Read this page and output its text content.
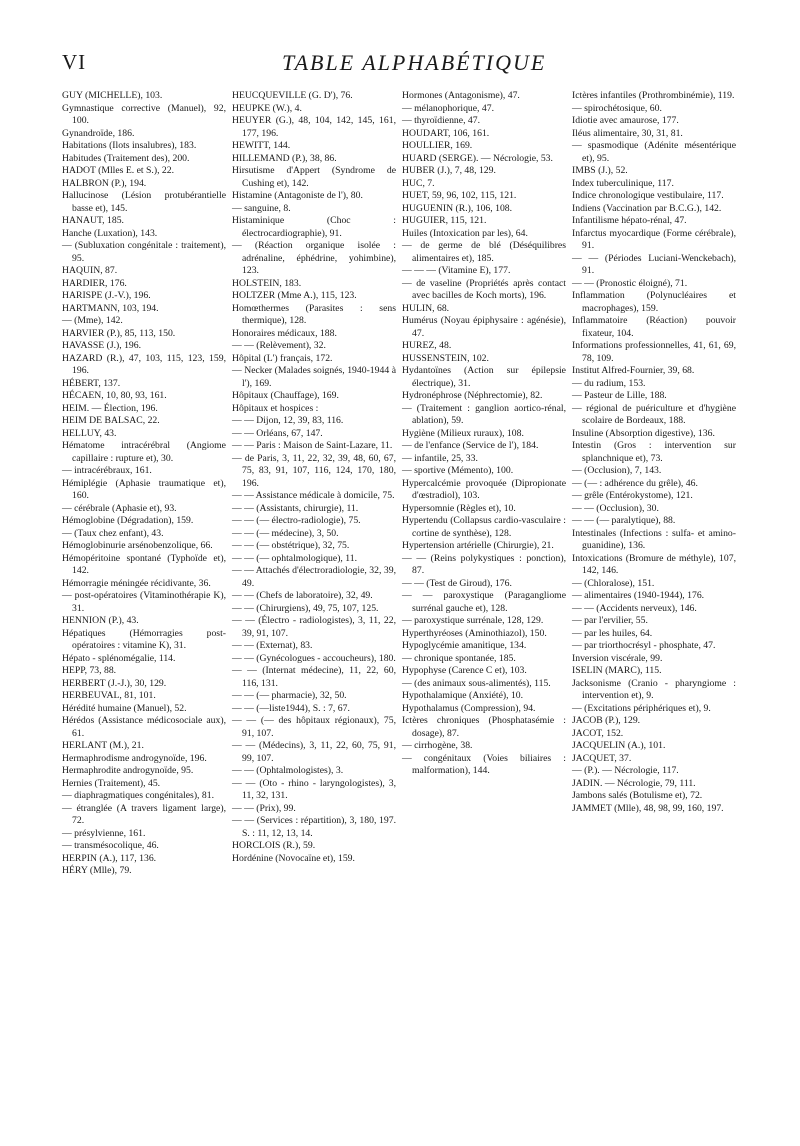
VI	TABLE ALPHABÉTIQUE
GUY (MICHELLE), 103.
Gymnastique corrective (Manuel), 92, 100.
Gynandroïde, 186.
Habitations (Ilots insalubres), 183.
Habitudes (Traitement des), 200.
HADOT (Mlles E. et S.), 22.
HALBRON (P.), 194.
Hallucinose (Lésion protubérantielle basse et), 145.
HANAUT, 185.
Hanche (Luxation), 143.
— (Subluxation congénitale : traitement), 95.
HAQUIN, 87.
HARDIER, 176.
HARISPE (J.-V.), 196.
HARTMANN, 103, 194.
— (Mme), 142.
HARVIER (P.), 85, 113, 150.
HAVASSE (J.), 196.
HAZARD (R.), 47, 103, 115, 123, 159, 196.
HÉBERT, 137.
HÉCAEN, 10, 80, 93, 161.
HEIM. — Élection, 196.
HEIM DE BALSAC, 22.
HELLUY, 43.
Hématome intracérébral (Angiome capillaire : rupture et), 30.
— intracérébraux, 161.
Hémiplégie (Aphasie traumatique et), 160.
— cérébrale (Aphasie et), 93.
Hémoglobine (Dégradation), 159.
— (Taux chez enfant), 43.
Hémoglobinurie arsénobenzolique, 66.
Hémopéritoine spontané (Typhoïde et), 142.
Hémorragie méningée récidivante, 36.
— post-opératoires (Vitaminothérapie K), 31.
HENNION (P.), 43.
Hépatiques (Hémorragies post-opératoires : vitamine K), 31.
Hépato - splénomégalie, 114.
HEPP, 73, 88.
HERBERT (J.-J.), 30, 129.
HERBEUVAL, 81, 101.
Hérédité humaine (Manuel), 52.
Hérédos (Assistance médicosociale aux), 61.
HERLANT (M.), 21.
Hermaphrodisme androgynoïde, 196.
Hermaphrodite androgynoïde, 95.
Hernies (Traitement), 45.
— diaphragmatiques congénitales), 81.
— étranglée (A travers ligament large), 72.
— présylvienne, 161.
— transmésocolique, 46.
HERPIN (A.), 117, 136.
HÉRY (Mlle), 79.
HEUCQUEVILLE (G. D'), 76.
HEUPKE (W.), 4.
HEUYER (G.), 48, 104, 142, 145, 161, 177, 196.
HEWITT, 144.
HILLEMAND (P.), 38, 86.
Hirsutisme d'Appert (Syndrome de Cushing et), 142.
Histamine (Antagoniste de l'), 80.
— sanguine, 8.
Histaminique (Choc : électrocardiographie), 91.
— (Réaction organique isolée : adrénaline, éphédrine, yohimbine), 123.
HOLSTEIN, 183.
HOLTZER (Mme A.), 115, 123.
Homœthermes (Parasites : sens thermique), 128.
Honoraires médicaux, 188.
— — (Relèvement), 32.
Hôpital (L') français, 172.
— Necker (Malades soignés, 1940-1944 à l'), 169.
Hôpitaux (Chauffage), 169.
Hôpitaux et hospices :
— — Dijon, 12, 39, 83, 116.
— — Orléans, 67, 147.
— — Paris : Maison de Saint-Lazare, 11.
— de Paris, 3, 11, 22, 32, 39, 48, 60, 67, 75, 83, 91, 107, 116, 124, 170, 180, 196.
— — Assistance médicale à domicile, 75.
— — (Assistants, chirurgie), 11.
— — (— électro-radiologie), 75.
— — (— médecine), 3, 50.
— — (— obstétrique), 32, 75.
— — (— ophtalmologique), 11.
— — Attachés d'électroradiologie, 32, 39, 49.
— — (Chefs de laboratoire), 32, 49.
— — (Chirurgiens), 49, 75, 107, 125.
— — (Électro - radiologistes), 3, 11, 22, 39, 91, 107.
— — (Externat), 83.
— — (Gynécologues - accoucheurs), 180.
— — (Internat médecine), 11, 22, 60, 116, 131.
— — (— pharmacie), 32, 50.
— — (—liste1944), S. : 7, 67.
— — (— des hôpitaux régionaux), 75, 91, 107.
— — (Médecins), 3, 11, 22, 60, 75, 91, 99, 107.
— — (Ophtalmologistes), 3.
— — (Oto - rhino - laryngologistes), 3, 11, 32, 131.
— — (Prix), 99.
— — (Services : répartition), 3, 180, 197. S. : 11, 12, 13, 14.
HORCLOIS (R.), 59.
Hordénine (Novocaïne et), 159.
Hormones (Antagonisme), 47.
— mélanophorique, 47.
— thyroïdienne, 47.
HOUDART, 106, 161.
HOULLIER, 169.
HUARD (SERGE). — Nécrologie, 53.
HUBER (J.), 7, 48, 129.
HUC, 7.
HUET, 59, 96, 102, 115, 121.
HUGUENIN (R.), 106, 108.
HUGUIER, 115, 121.
Huiles (Intoxication par les), 64.
— de germe de blé (Déséquilibres alimentaires et), 185.
— — — (Vitamine E), 177.
— de vaseline (Propriétés après contact avec bacilles de Koch morts), 196.
HULIN, 68.
Humérus (Noyau épiphysaire : agénésie), 47.
HUREZ, 48.
HUSSENSTEIN, 102.
Hydantoïnes (Action sur épilepsie électrique), 31.
Hydronéphrose (Néphrectomie), 82.
— (Traitement : ganglion aortico-rénal, ablation), 59.
Hygiène (Milieux ruraux), 108.
— de l'enfance (Service de l'), 184.
— infantile, 25, 33.
— sportive (Mémento), 100.
Hypercalcémie provoquée (Dipropionate d'œstradiol), 103.
Hypersomnie (Règles et), 10.
Hypertendu (Collapsus cardio-vasculaire : cortine de synthèse), 128.
Hypertension artérielle (Chirurgie), 21.
— — (Reins polykystiques : ponction), 87.
— — (Test de Giroud), 176.
— — paroxystique (Paragangliome surrénal gauche et), 128.
— paroxystique surrénale, 128, 129.
Hyperthyréoses (Aminothiazol), 150.
Hypoglycémie amanitique, 134.
— chronique spontanée, 185.
Hypophyse (Carence C et), 103.
— (des animaux sous-alimentés), 115.
Hypothalamique (Anxiété), 10.
Hypothalamus (Compression), 94.
Ictères chroniques (Phosphatasémie : dosage), 87.
— cirrhogène, 38.
— congénitaux (Voies biliaires : malformation), 144.
Ictères infantiles (Prothrombinémie), 119.
— spirochétosique, 60.
Idiotie avec amaurose, 177.
Iléus alimentaire, 30, 31, 81.
— spasmodique (Adénite mésentérique et), 95.
IMBS (J.), 52.
Index tuberculinique, 117.
Indice chronologique vestibulaire, 117.
Indiens (Vaccination par B.C.G.), 142.
Infantilisme hépato-rénal, 47.
Infarctus myocardique (Forme cérébrale), 91.
— — (Périodes Luciani-Wenckebach), 91.
— — (Pronostic éloigné), 71.
Inflammation (Polynucléaires et macrophages), 159.
Inflammatoire (Réaction) pouvoir fixateur, 104.
Informations professionnelles, 41, 61, 69, 78, 109.
Institut Alfred-Fournier, 39, 68.
— du radium, 153.
— Pasteur de Lille, 188.
— régional de puériculture et d'hygiène scolaire de Bordeaux, 188.
Insuline (Absorption digestive), 136.
Intestin (Gros : intervention sur splanchnique et), 73.
— (Occlusion), 7, 143.
— (— : adhérence du grêle), 46.
— grêle (Entérokystome), 121.
— — (Occlusion), 30.
— — (— paralytique), 88.
Intestinales (Infections : sulfa- et amino-guanidine), 136.
Intoxications (Bromure de méthyle), 107, 142, 146.
— (Chloralose), 151.
— alimentaires (1940-1944), 176.
— — (Accidents nerveux), 146.
— par l'ervilier, 55.
— par les huiles, 64.
— par triorthocrésyl - phosphate, 47.
Inversion viscérale, 99.
ISELIN (MARC), 115.
Jacksonisme (Cranio - pharyngiome : intervention et), 9.
— (Excitations périphériques et), 9.
JACOB (P.), 129.
JACOT, 152.
JACQUELIN (A.), 101.
JACQUET, 37.
— (P.). — Nécrologie, 117.
JADIN. — Nécrologie, 79, 111.
Jambons salés (Botulisme et), 72.
JAMMET (Mlle), 48, 98, 99, 160, 197.
